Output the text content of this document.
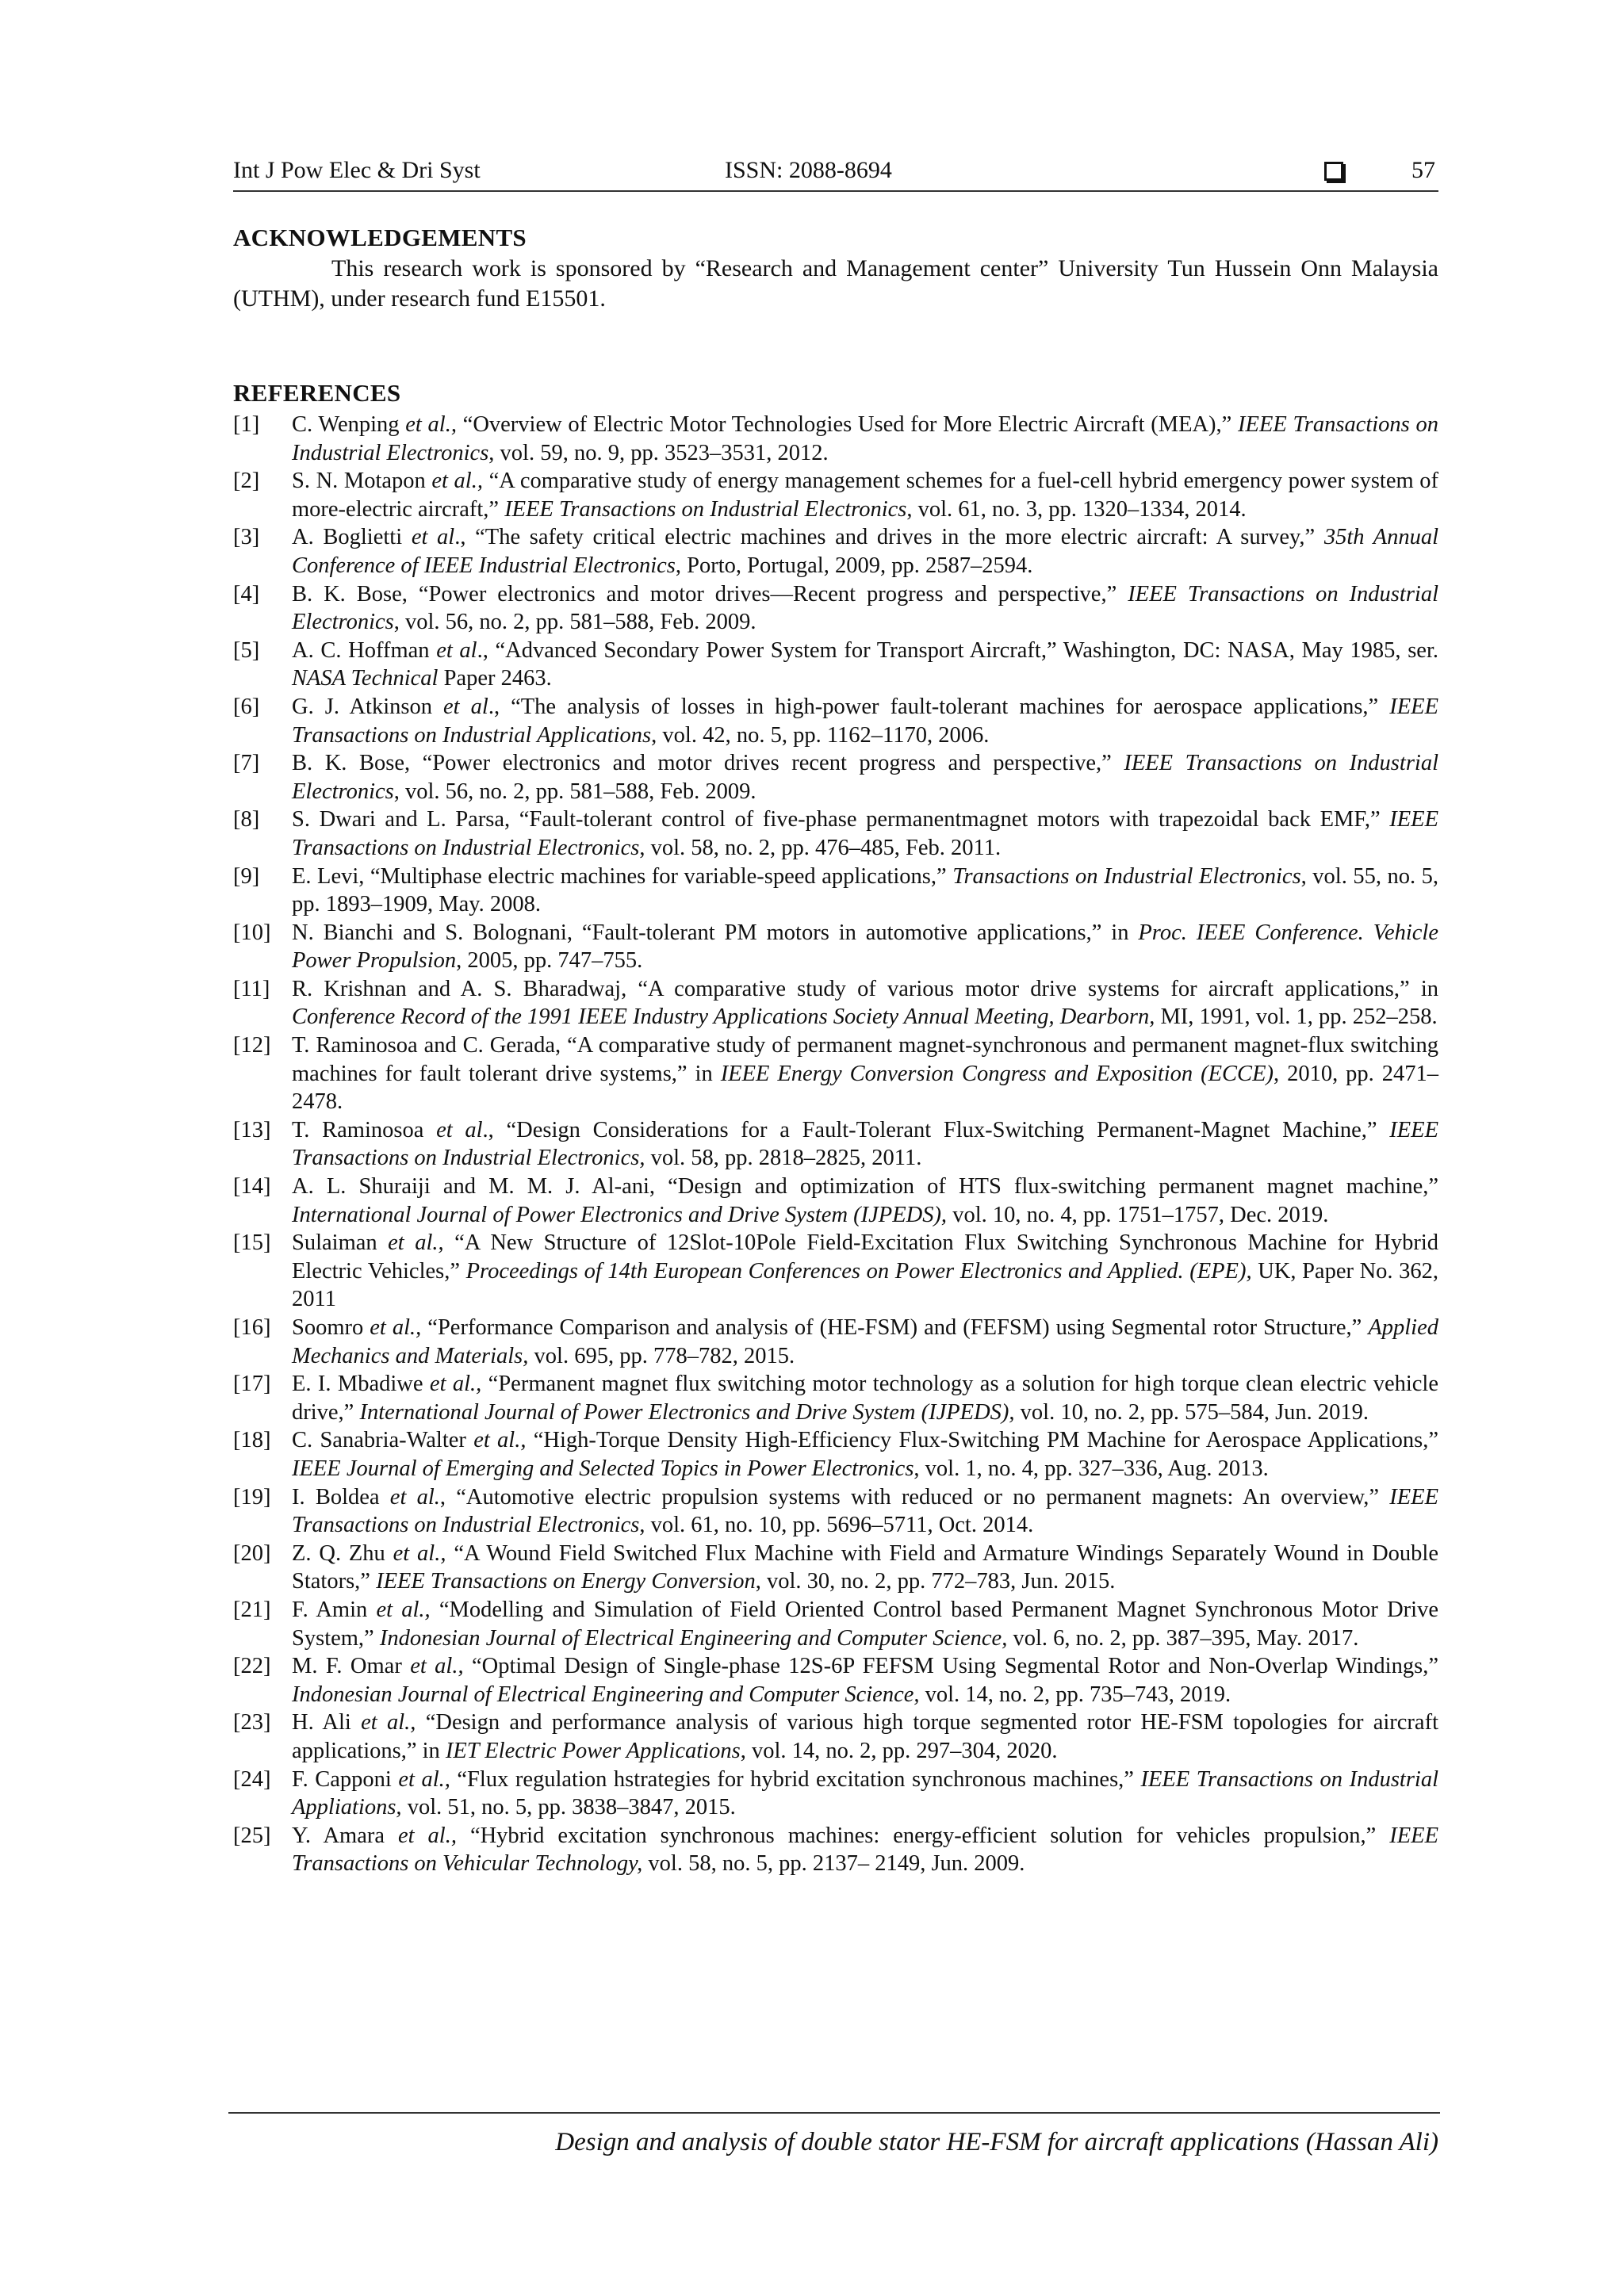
Int J Pow Elec & Dri Syst	ISSN: 2088-8694	57
ACKNOWLEDGEMENTS
This research work is sponsored by “Research and Management center” University Tun Hussein Onn Malaysia (UTHM), under research fund E15501.
REFERENCES
[1] C. Wenping et al., “Overview of Electric Motor Technologies Used for More Electric Aircraft (MEA),” IEEE Transactions on Industrial Electronics, vol. 59, no. 9, pp. 3523–3531, 2012.
[2] S. N. Motapon et al., “A comparative study of energy management schemes for a fuel-cell hybrid emergency power system of more-electric aircraft,” IEEE Transactions on Industrial Electronics, vol. 61, no. 3, pp. 1320–1334, 2014.
[3] A. Boglietti et al., “The safety critical electric machines and drives in the more electric aircraft: A survey,” 35th Annual Conference of IEEE Industrial Electronics, Porto, Portugal, 2009, pp. 2587–2594.
[4] B. K. Bose, “Power electronics and motor drives—Recent progress and perspective,” IEEE Transactions on Industrial Electronics, vol. 56, no. 2, pp. 581–588, Feb. 2009.
[5] A. C. Hoffman et al., “Advanced Secondary Power System for Transport Aircraft,” Washington, DC: NASA, May 1985, ser. NASA Technical Paper 2463.
[6] G. J. Atkinson et al., “The analysis of losses in high-power fault-tolerant machines for aerospace applications,” IEEE Transactions on Industrial Applications, vol. 42, no. 5, pp. 1162–1170, 2006.
[7] B. K. Bose, “Power electronics and motor drives recent progress and perspective,” IEEE Transactions on Industrial Electronics, vol. 56, no. 2, pp. 581–588, Feb. 2009.
[8] S. Dwari and L. Parsa, “Fault-tolerant control of five-phase permanentmagnet motors with trapezoidal back EMF,” IEEE Transactions on Industrial Electronics, vol. 58, no. 2, pp. 476–485, Feb. 2011.
[9] E. Levi, “Multiphase electric machines for variable-speed applications,” Transactions on Industrial Electronics, vol. 55, no. 5, pp. 1893–1909, May. 2008.
[10] N. Bianchi and S. Bolognani, “Fault-tolerant PM motors in automotive applications,” in Proc. IEEE Conference. Vehicle Power Propulsion, 2005, pp. 747–755.
[11] R. Krishnan and A. S. Bharadwaj, “A comparative study of various motor drive systems for aircraft applications,” in Conference Record of the 1991 IEEE Industry Applications Society Annual Meeting, Dearborn, MI, 1991, vol. 1, pp. 252–258.
[12] T. Raminosoa and C. Gerada, “A comparative study of permanent magnet-synchronous and permanent magnet-flux switching machines for fault tolerant drive systems,” in IEEE Energy Conversion Congress and Exposition (ECCE), 2010, pp. 2471–2478.
[13] T. Raminosoa et al., “Design Considerations for a Fault-Tolerant Flux-Switching Permanent-Magnet Machine,” IEEE Transactions on Industrial Electronics, vol. 58, pp. 2818–2825, 2011.
[14] A. L. Shuraiji and M. M. J. Al-ani, “Design and optimization of HTS flux-switching permanent magnet machine,” International Journal of Power Electronics and Drive System (IJPEDS), vol. 10, no. 4, pp. 1751–1757, Dec. 2019.
[15] Sulaiman et al., “A New Structure of 12Slot-10Pole Field-Excitation Flux Switching Synchronous Machine for Hybrid Electric Vehicles,” Proceedings of 14th European Conferences on Power Electronics and Applied. (EPE), UK, Paper No. 362, 2011
[16] Soomro et al., “Performance Comparison and analysis of (HE-FSM) and (FEFSM) using Segmental rotor Structure,” Applied Mechanics and Materials, vol. 695, pp. 778–782, 2015.
[17] E. I. Mbadiwe et al., “Permanent magnet flux switching motor technology as a solution for high torque clean electric vehicle drive,” International Journal of Power Electronics and Drive System (IJPEDS), vol. 10, no. 2, pp. 575–584, Jun. 2019.
[18] C. Sanabria-Walter et al., “High-Torque Density High-Efficiency Flux-Switching PM Machine for Aerospace Applications,” IEEE Journal of Emerging and Selected Topics in Power Electronics, vol. 1, no. 4, pp. 327–336, Aug. 2013.
[19] I. Boldea et al., “Automotive electric propulsion systems with reduced or no permanent magnets: An overview,” IEEE Transactions on Industrial Electronics, vol. 61, no. 10, pp. 5696–5711, Oct. 2014.
[20] Z. Q. Zhu et al., “A Wound Field Switched Flux Machine with Field and Armature Windings Separately Wound in Double Stators,” IEEE Transactions on Energy Conversion, vol. 30, no. 2, pp. 772–783, Jun. 2015.
[21] F. Amin et al., “Modelling and Simulation of Field Oriented Control based Permanent Magnet Synchronous Motor Drive System,” Indonesian Journal of Electrical Engineering and Computer Science, vol. 6, no. 2, pp. 387–395, May. 2017.
[22] M. F. Omar et al., “Optimal Design of Single-phase 12S-6P FEFSM Using Segmental Rotor and Non-Overlap Windings,” Indonesian Journal of Electrical Engineering and Computer Science, vol. 14, no. 2, pp. 735–743, 2019.
[23] H. Ali et al., “Design and performance analysis of various high torque segmented rotor HE-FSM topologies for aircraft applications,” in IET Electric Power Applications, vol. 14, no. 2, pp. 297–304, 2020.
[24] F. Capponi et al., “Flux regulation hstrategies for hybrid excitation synchronous machines,” IEEE Transactions on Industrial Appliations, vol. 51, no. 5, pp. 3838–3847, 2015.
[25] Y. Amara et al., “Hybrid excitation synchronous machines: energy-efficient solution for vehicles propulsion,” IEEE Transactions on Vehicular Technology, vol. 58, no. 5, pp. 2137– 2149, Jun. 2009.
Design and analysis of double stator HE-FSM for aircraft applications (Hassan Ali)
